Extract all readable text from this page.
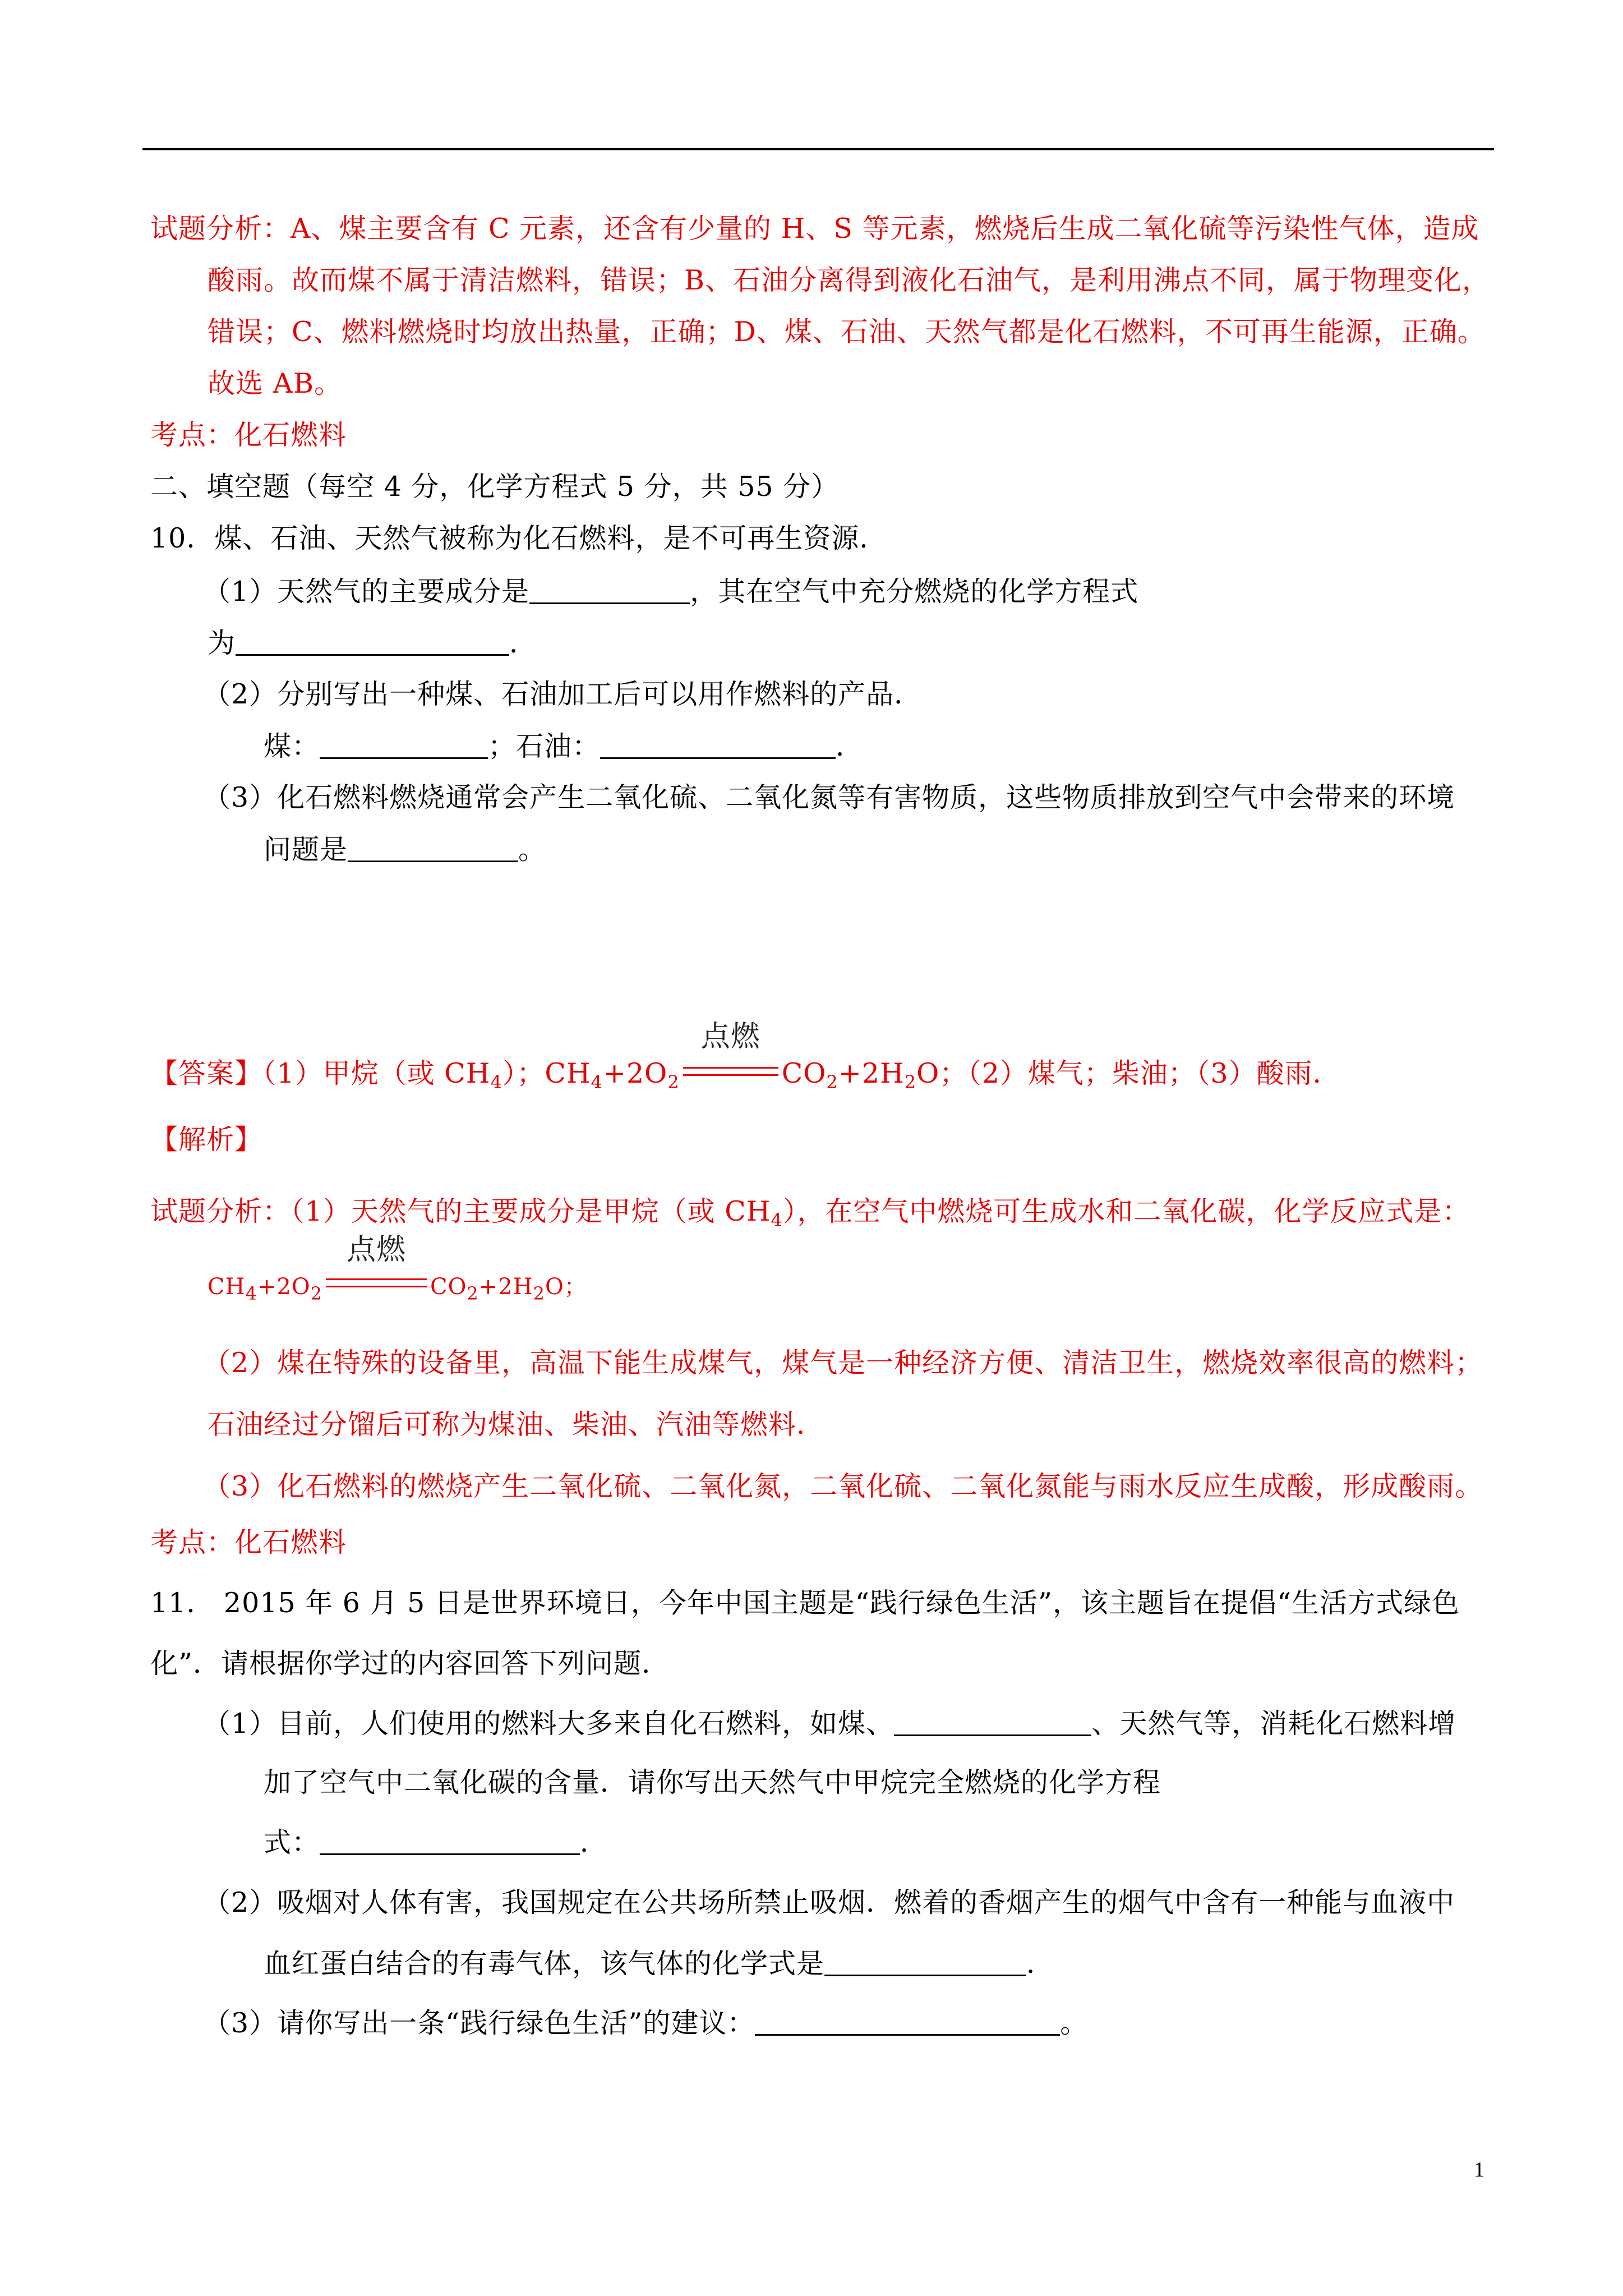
试题分析：A、煤主要含有 C 元素，还含有少量的 H、S 等元素，燃烧后生成二氧化硫等污染性气体，造成
酸雨。故而煤不属于清洁燃料，错误；B、石油分离得到液化石油气，是利用沸点不同，属于物理变化，
错误；C、燃料燃烧时均放出热量，正确；D、煤、石油、天然气都是化石燃料，不可再生能源，正确。
故选 AB。
考点：化石燃料
二、填空题（每空 4 分，化学方程式 5 分，共 55 分）
10．煤、石油、天然气被称为化石燃料，是不可再生资源．
（1）天然气的主要成分是	，其在空气中充分燃烧的化学方程式
为	．
（2）分别写出一种煤、石油加工后可以用作燃料的产品．
煤：	；石油：	．
（3）化石燃料燃烧通常会产生二氧化硫、二氧化氮等有害物质，这些物质排放到空气中会带来的环境
问题是	。
【答案】（1）甲烷（或 $CH_4$）；$CH_4+2O_2$
点燃
$CO_2+2H_2O$；（2）煤气；柴油；（3）酸雨．
【解析】
试题分析：（1）天然气的主要成分是甲烷（或 $CH_4$），在空气中燃烧可生成水和二氧化碳，化学反应式是：
$CH_4+2O_2$
点燃
$CO_2+2H_2O$；
（2）煤在特殊的设备里，高温下能生成煤气，煤气是一种经济方便、清洁卫生，燃烧效率很高的燃料；
石油经过分馏后可称为煤油、柴油、汽油等燃料．
（3）化石燃料的燃烧产生二氧化硫、二氧化氮，二氧化硫、二氧化氮能与雨水反应生成酸，形成酸雨。
考点：化石燃料
11． 2015 年 6 月 5 日是世界环境日，今年中国主题是“践行绿色生活”，该主题旨在提倡“生活方式绿色
化”．请根据你学过的内容回答下列问题．
（1）目前，人们使用的燃料大多来自化石燃料，如煤、	、天然气等，消耗化石燃料增
加了空气中二氧化碳的含量．请你写出天然气中甲烷完全燃烧的化学方程
式：	．
（2）吸烟对人体有害，我国规定在公共场所禁止吸烟．燃着的香烟产生的烟气中含有一种能与血液中
血红蛋白结合的有毒气体，该气体的化学式是	．
（3）请你写出一条“践行绿色生活”的建议：	。
1
